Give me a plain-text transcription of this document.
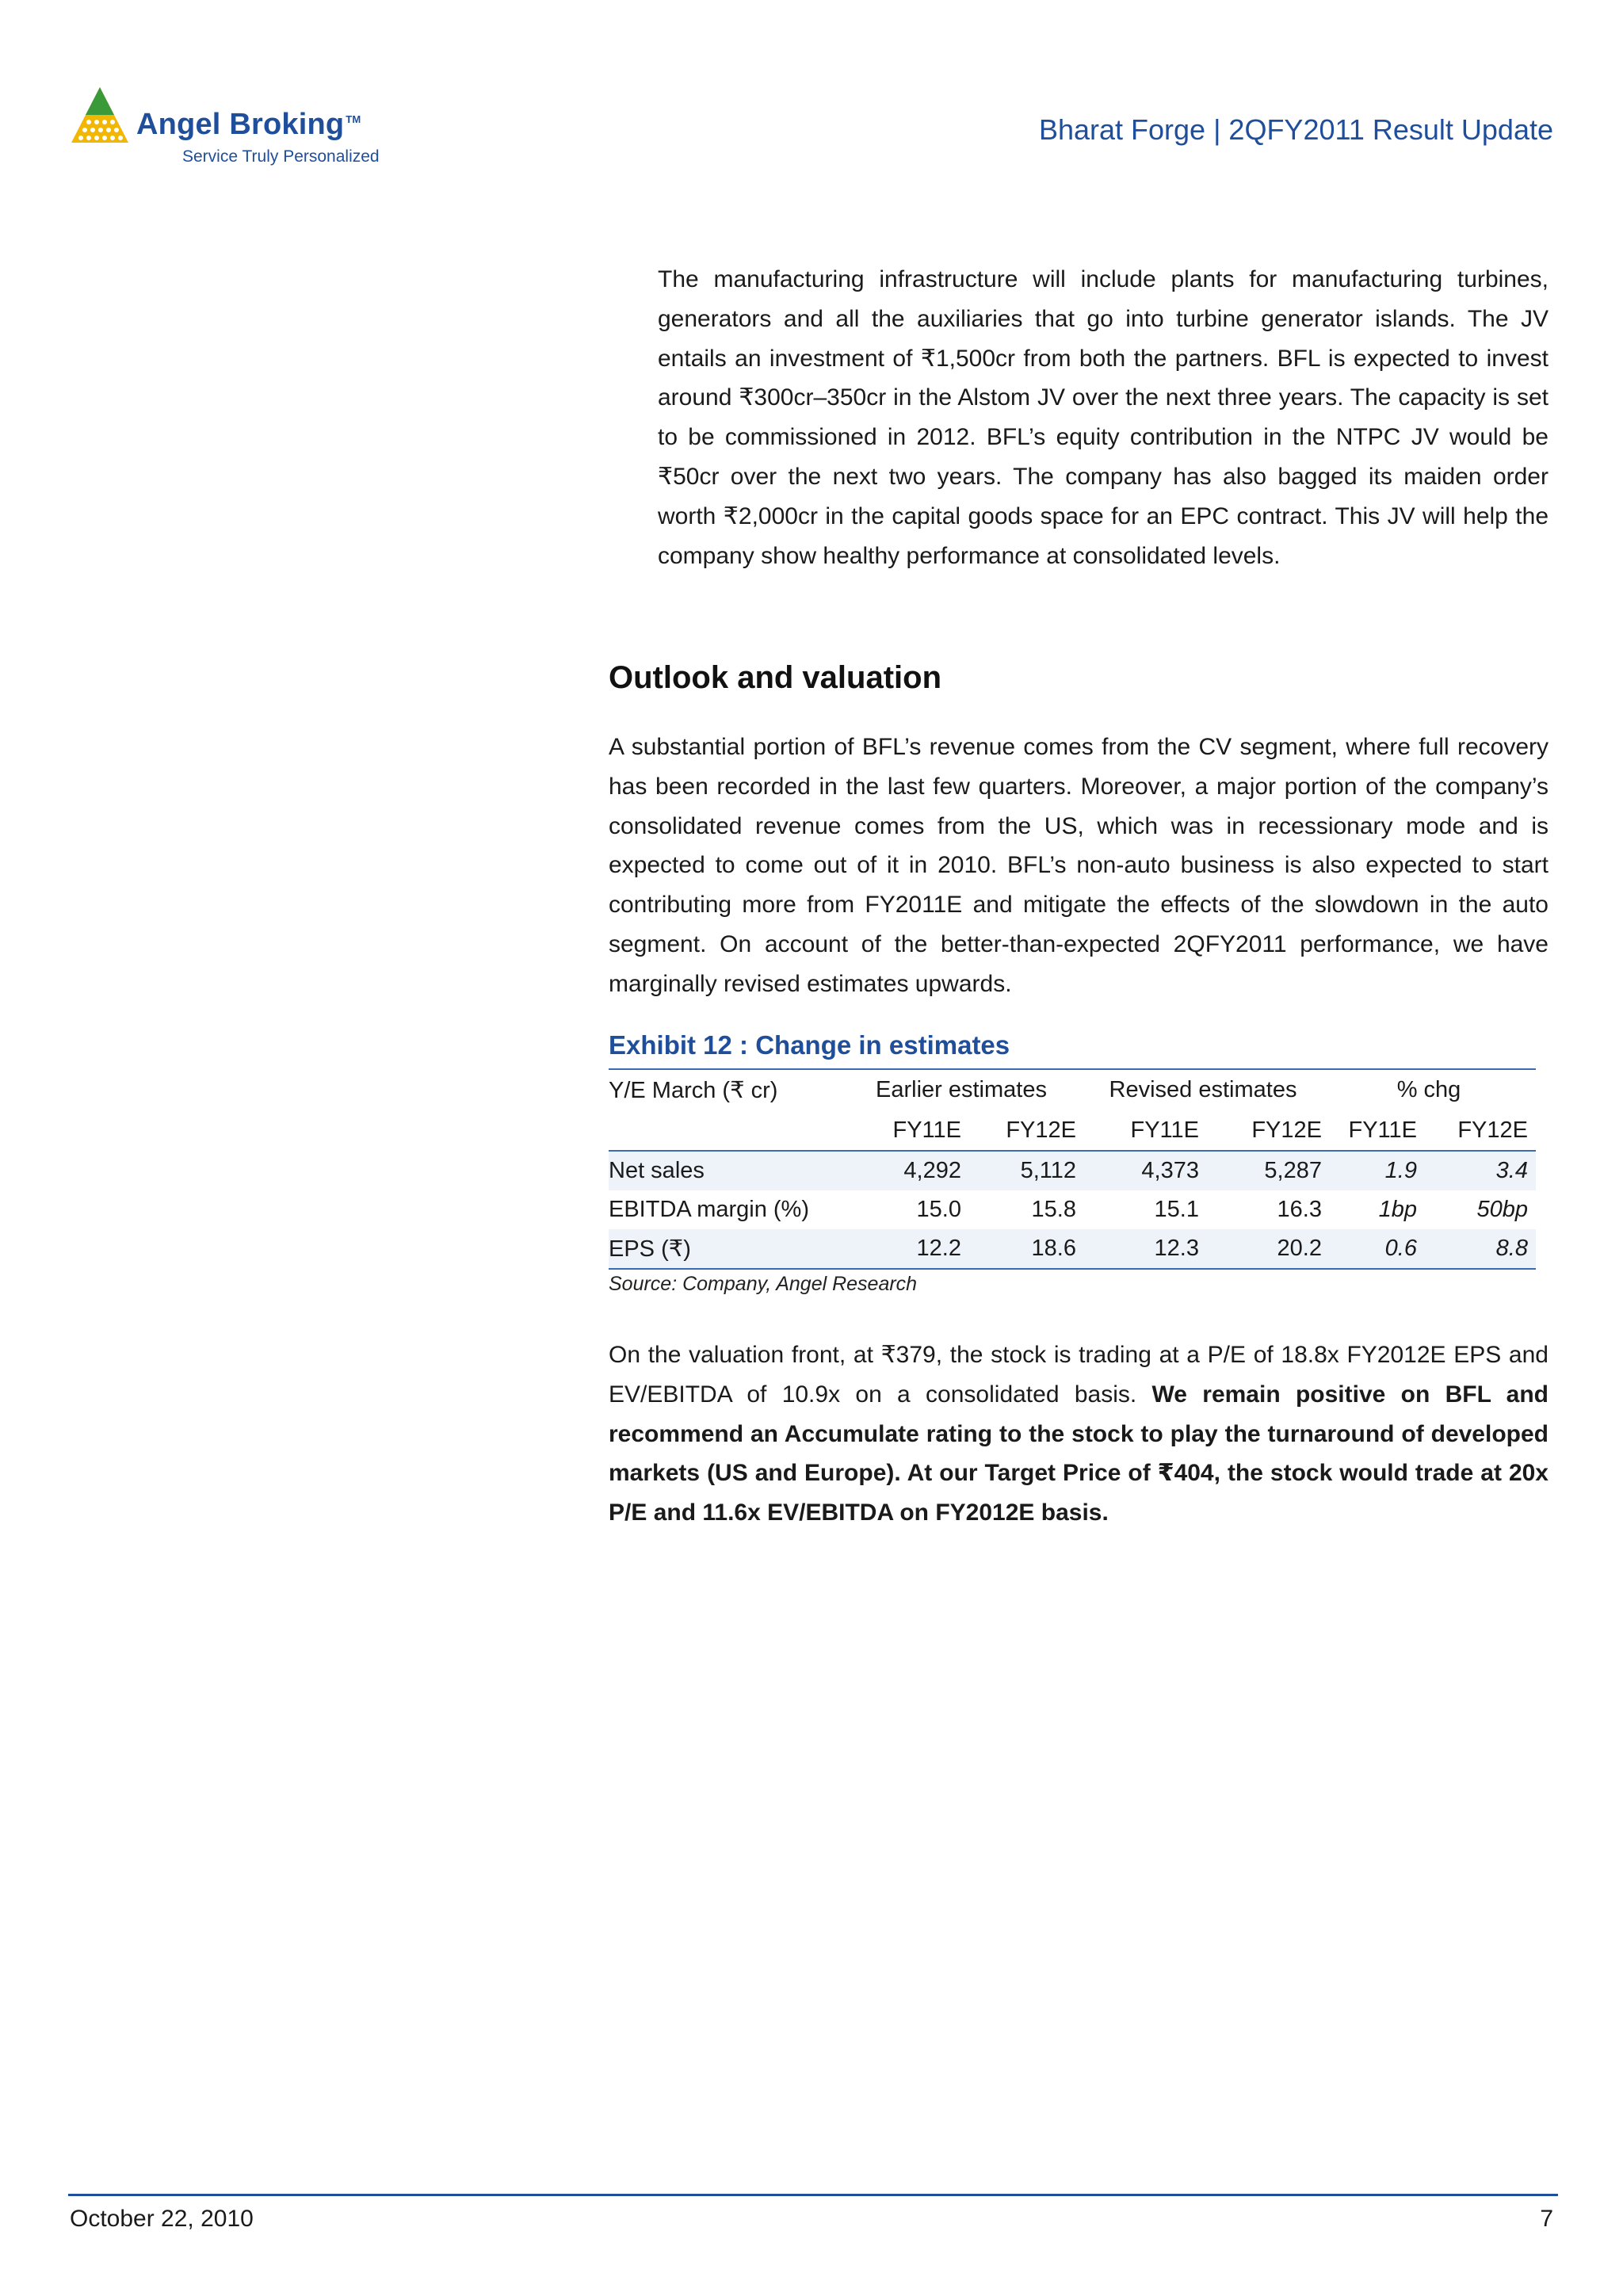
Angel Broking ™
Service Truly Personalized
Bharat Forge | 2QFY2011 Result Update

The manufacturing infrastructure will include plants for manufacturing turbines, generators and all the auxiliaries that go into turbine generator islands. The JV entails an investment of ₹1,500cr from both the partners. BFL is expected to invest around ₹300cr–350cr in the Alstom JV over the next three years. The capacity is set to be commissioned in 2012. BFL’s equity contribution in the NTPC JV would be ₹50cr over the next two years. The company has also bagged its maiden order worth ₹2,000cr in the capital goods space for an EPC contract. This JV will help the company show healthy performance at consolidated levels.

Outlook and valuation

A substantial portion of BFL’s revenue comes from the CV segment, where full recovery has been recorded in the last few quarters. Moreover, a major portion of the company’s consolidated revenue comes from the US, which was in recessionary mode and is expected to come out of it in 2010. BFL’s non-auto business is also expected to start contributing more from FY2011E and mitigate the effects of the slowdown in the auto segment. On account of the better-than-expected 2QFY2011 performance, we have marginally revised estimates upwards.

Exhibit 12 : Change in estimates

Y/E March (₹ cr)	Earlier estimates		Revised estimates		% chg	
	FY11E	FY12E	FY11E	FY12E	FY11E	FY12E
Net sales	4,292	5,112	4,373	5,287	1.9	3.4
EBITDA margin (%)	15.0	15.8	15.1	16.3	1bp	50bp
EPS (₹)	12.2	18.6	12.3	20.2	0.6	8.8
Source: Company, Angel Research

On the valuation front, at ₹379, the stock is trading at a P/E of 18.8x FY2012E EPS and EV/EBITDA of 10.9x on a consolidated basis. We remain positive on BFL and recommend an Accumulate rating to the stock to play the turnaround of developed markets (US and Europe). At our Target Price of ₹404, the stock would trade at 20x P/E and 11.6x EV/EBITDA on FY2012E basis.

October 22, 2010	7
